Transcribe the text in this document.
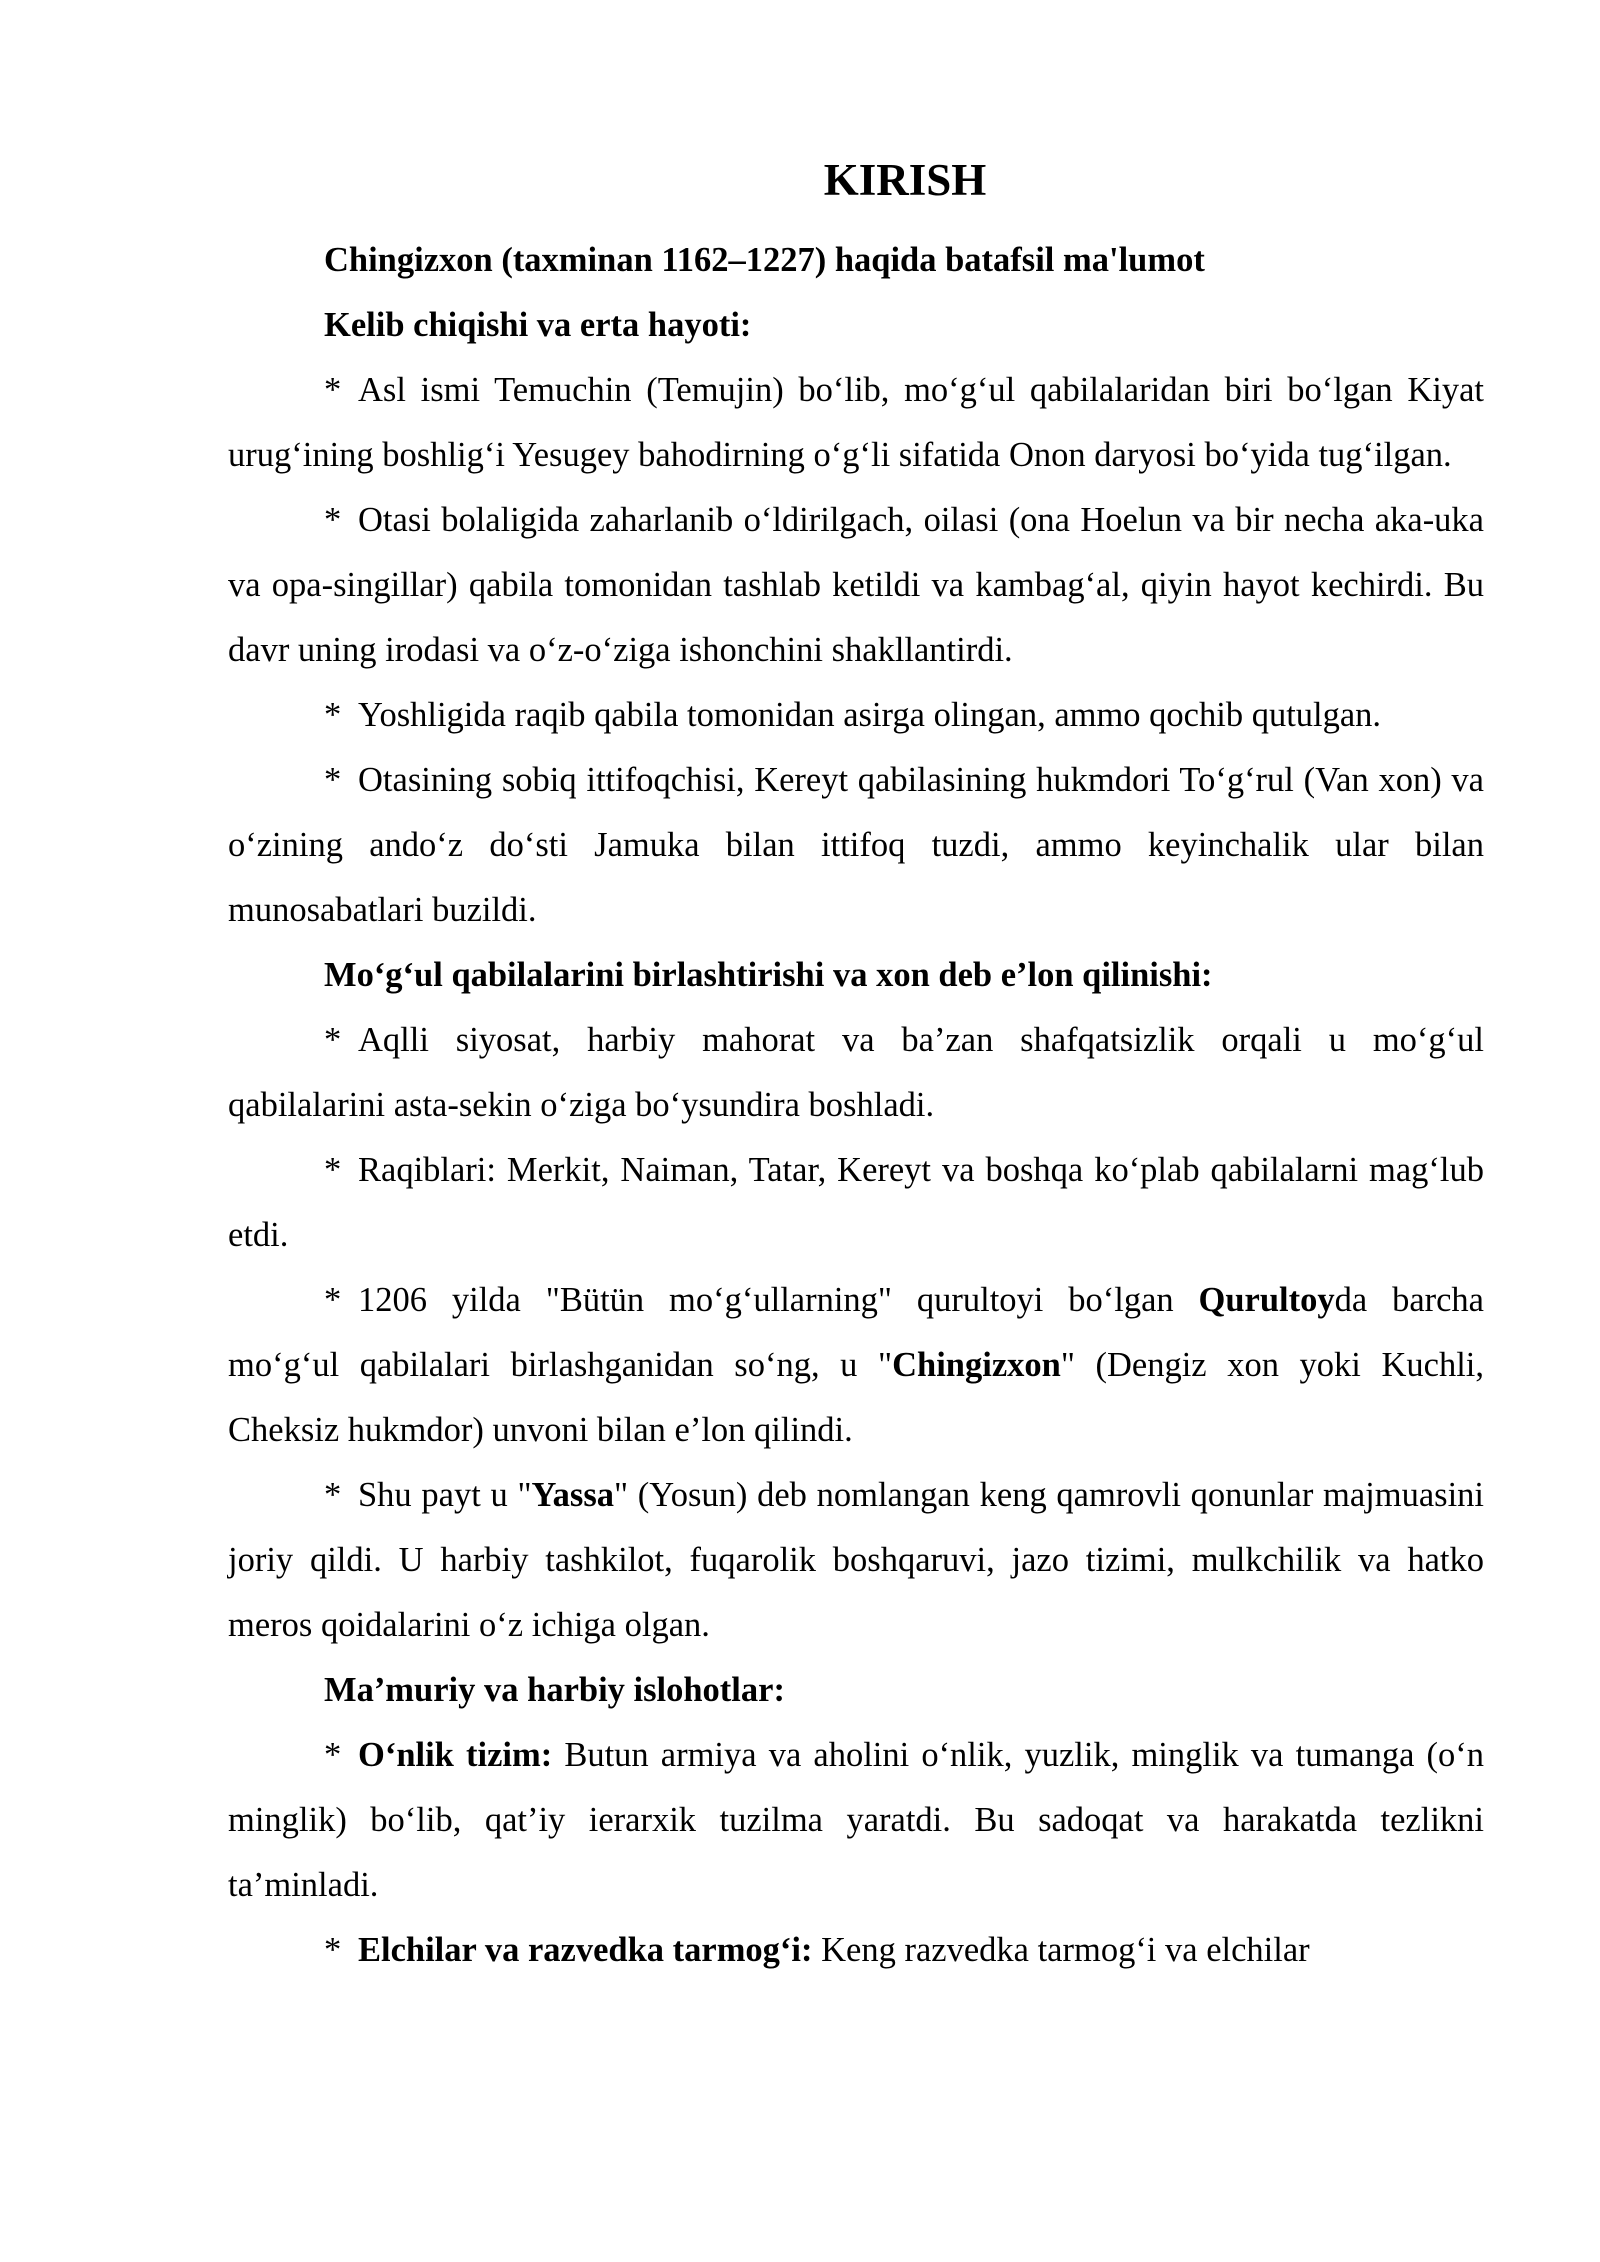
KIRISH

Chingizxon (taxminan 1162–1227) haqida batafsil ma'lumot

Kelib chiqishi va erta hayoti:

* Asl ismi Temuchin (Temujin) bo‘lib, mo‘g‘ul qabilalaridan biri bo‘lgan Kiyat urug‘ining boshlig‘i Yesugey bahodirning o‘g‘li sifatida Onon daryosi bo‘yida tug‘ilgan.

* Otasi bolaligida zaharlanib o‘ldirilgach, oilasi (ona Hoelun va bir necha aka-uka va opa-singillar) qabila tomonidan tashlab ketildi va kambag‘al, qiyin hayot kechirdi. Bu davr uning irodasi va o‘z-o‘ziga ishonchini shakllantirdi.

* Yoshligida raqib qabila tomonidan asirga olingan, ammo qochib qutulgan.

* Otasining sobiq ittifoqchisi, Kereyt qabilasining hukmdori To‘g‘rul (Van xon) va o‘zining ando‘z do‘sti Jamuka bilan ittifoq tuzdi, ammo keyinchalik ular bilan munosabatlari buzildi.

Mo‘g‘ul qabilalarini birlashtirishi va xon deb e’lon qilinishi:

* Aqlli siyosat, harbiy mahorat va ba’zan shafqatsizlik orqali u mo‘g‘ul qabilalarini asta-sekin o‘ziga bo‘ysundira boshladi.

* Raqiblari: Merkit, Naiman, Tatar, Kereyt va boshqa ko‘plab qabilalarni mag‘lub etdi.

* 1206 yilda "Bütün mo‘g‘ullarning" qurultoyi bo‘lgan Qurultoyda barcha mo‘g‘ul qabilalari birlashganidan so‘ng, u "Chingizxon" (Dengiz xon yoki Kuchli, Cheksiz hukmdor) unvoni bilan e’lon qilindi.

* Shu payt u "Yassa" (Yosun) deb nomlangan keng qamrovli qonunlar majmuasini joriy qildi. U harbiy tashkilot, fuqarolik boshqaruvi, jazo tizimi, mulkchilik va hatko meros qoidalarini o‘z ichiga olgan.

Ma’muriy va harbiy islohotlar:

* O‘nlik tizim: Butun armiya va aholini o‘nlik, yuzlik, minglik va tumanga (o‘n minglik) bo‘lib, qat’iy ierarxik tuzilma yaratdi. Bu sadoqat va harakatda tezlikni ta’minladi.

* Elchilar va razvedka tarmog‘i: Keng razvedka tarmog‘i va elchilar
